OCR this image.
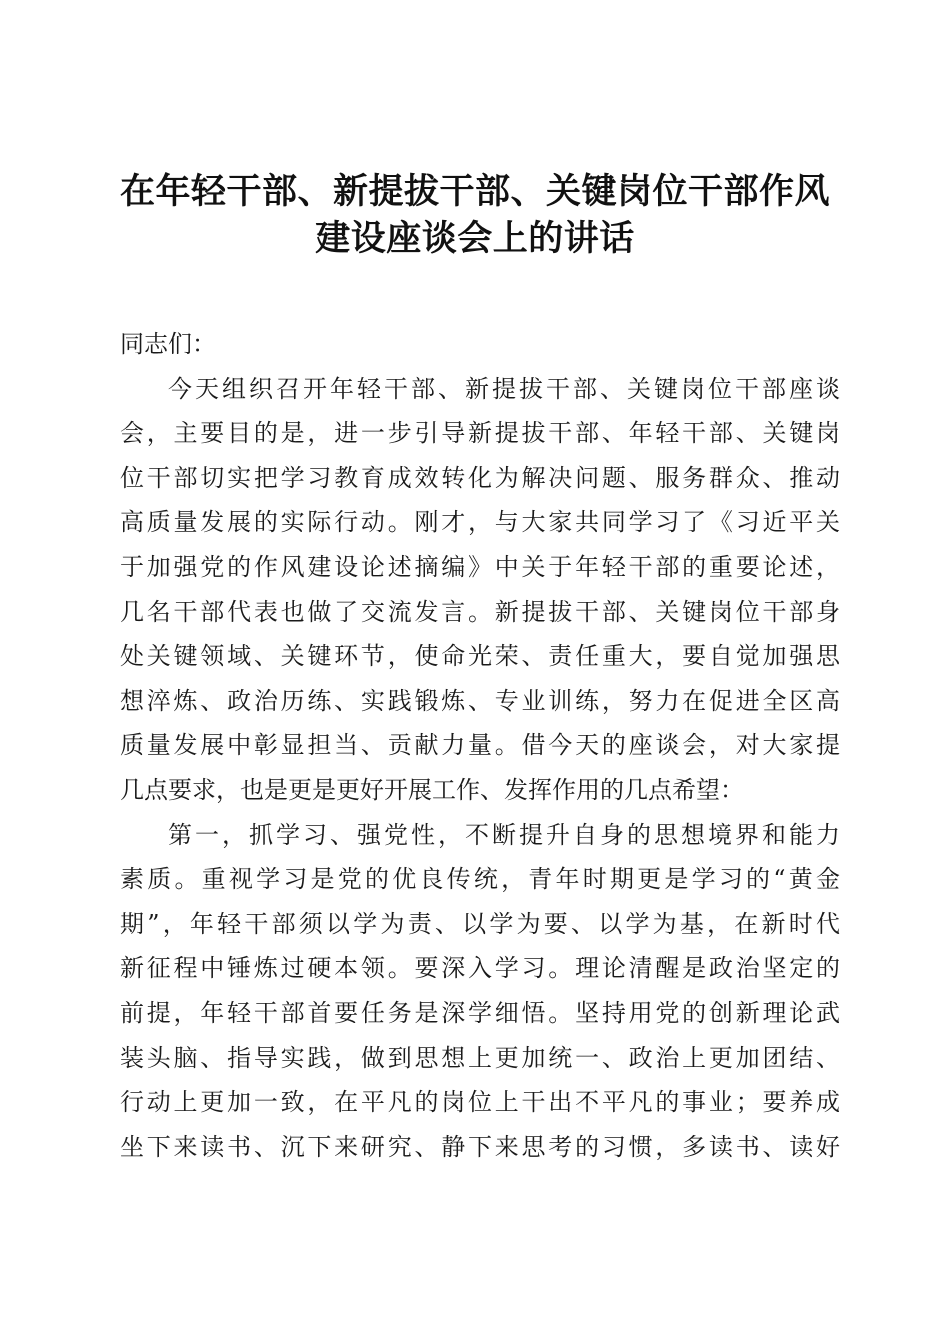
在年轻干部、新提拔干部、关键岗位干部作风
建设座谈会上的讲话
同志们：
今天组织召开年轻干部、新提拔干部、关键岗位干部座谈
会，主要目的是，进一步引导新提拔干部、年轻干部、关键岗
位干部切实把学习教育成效转化为解决问题、服务群众、推动
高质量发展的实际行动。刚才，与大家共同学习了《习近平关
于加强党的作风建设论述摘编》中关于年轻干部的重要论述，
几名干部代表也做了交流发言。新提拔干部、关键岗位干部身
处关键领域、关键环节，使命光荣、责任重大，要自觉加强思
想淬炼、政治历练、实践锻炼、专业训练，努力在促进全区高
质量发展中彰显担当、贡献力量。借今天的座谈会，对大家提
几点要求，也是更是更好开展工作、发挥作用的几点希望：
第一，抓学习、强党性，不断提升自身的思想境界和能力
素质。重视学习是党的优良传统，青年时期更是学习的“黄金
期”，年轻干部须以学为责、以学为要、以学为基，在新时代
新征程中锤炼过硬本领。要深入学习。理论清醒是政治坚定的
前提，年轻干部首要任务是深学细悟。坚持用党的创新理论武
装头脑、指导实践，做到思想上更加统一、政治上更加团结、
行动上更加一致，在平凡的岗位上干出不平凡的事业；要养成
坐下来读书、沉下来研究、静下来思考的习惯，多读书、读好
